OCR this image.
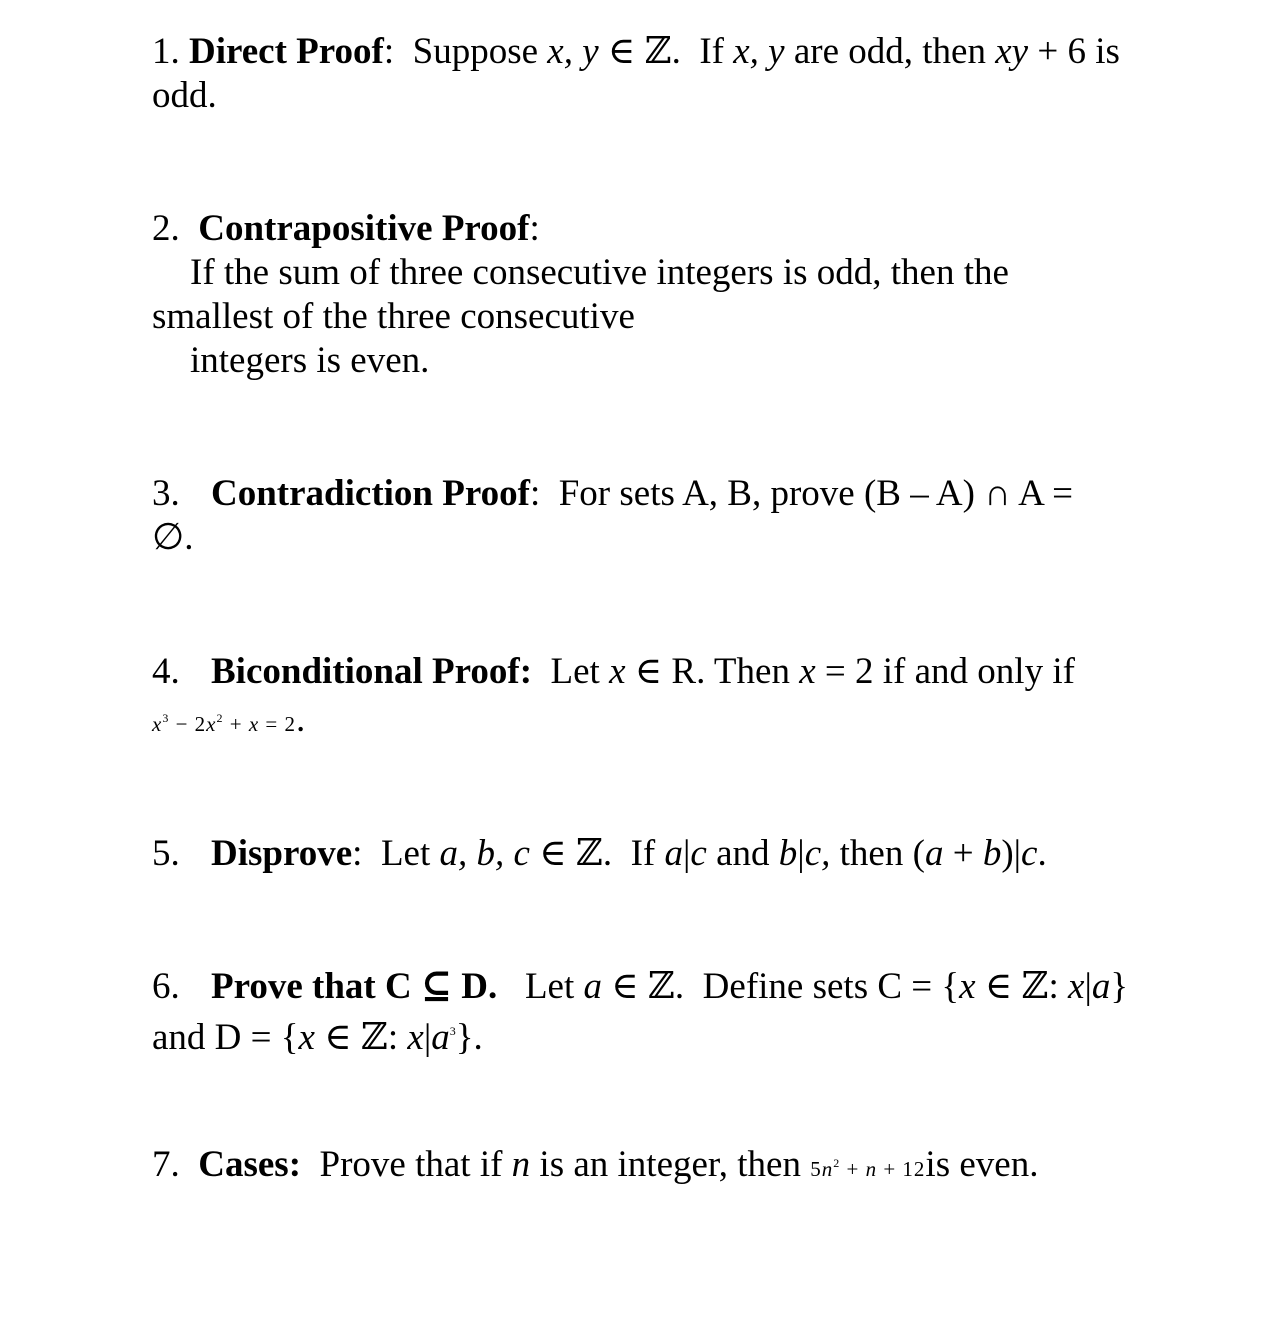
1. Direct Proof: Suppose x, y ∈ ℤ. If x, y are odd, then xy + 6 is
odd.
2. Contrapositive Proof:
If the sum of three consecutive integers is odd, then the
smallest of the three consecutive
integers is even.
3. Contradiction Proof: For sets A, B, prove (B – A) ∩ A =
∅.
4. Biconditional Proof: Let x ∈ R. Then x = 2 if and only if
$x^3 - 2x^2 + x = 2$.
5. Disprove: Let a, b, c ∈ ℤ. If a|c and b|c, then (a + b)|c.
6. Prove that C ⊆ D. Let a ∈ ℤ. Define sets C = {x ∈ ℤ: x|a}
and D = {x ∈ ℤ: $x|a^3$}.
7. Cases: Prove that if n is an integer, then $5n^2 + n + 12is$ even.
